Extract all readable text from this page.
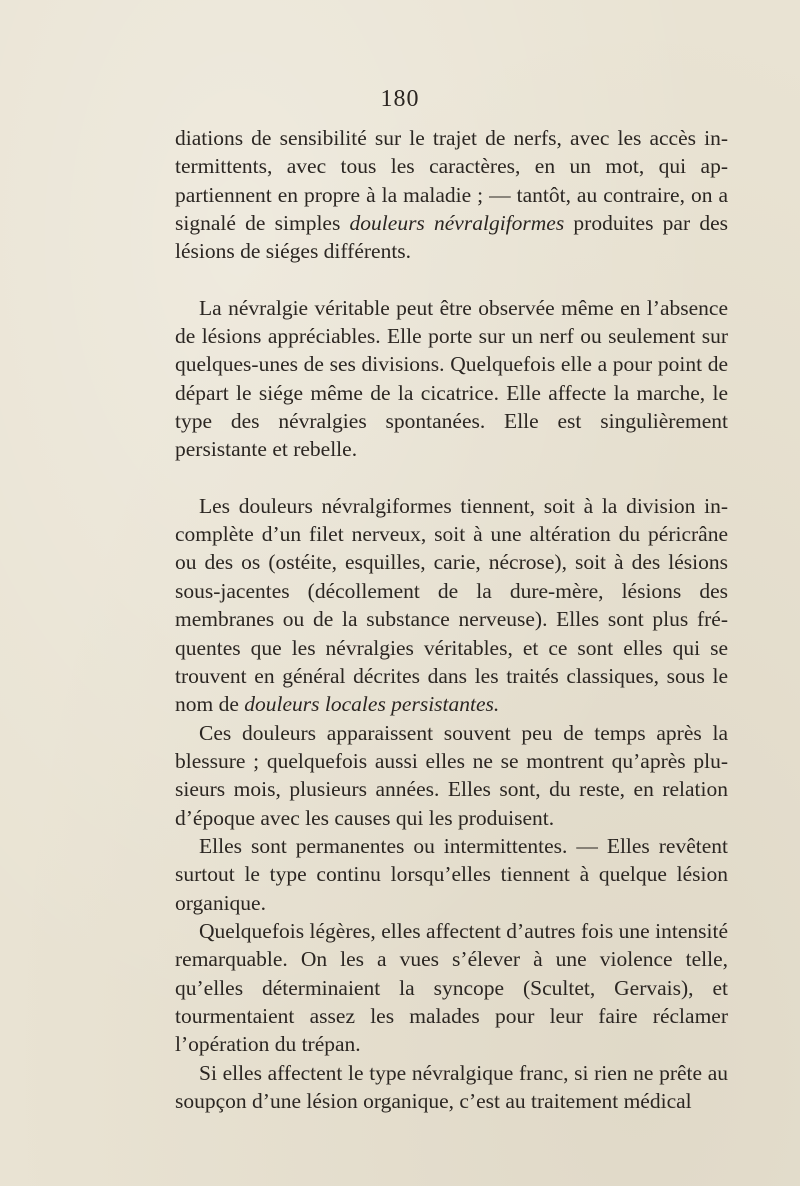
180

diations de sensibilité sur le trajet de nerfs, avec les accès intermittents, avec tous les caractères, en un mot, qui appartiennent en propre à la maladie ; — tantôt, au contraire, on a signalé de simples douleurs névralgiformes produites par des lésions de siéges différents.

La névralgie véritable peut être observée même en l’absence de lésions appréciables. Elle porte sur un nerf ou seulement sur quelques-unes de ses divisions. Quelquefois elle a pour point de départ le siége même de la cicatrice. Elle affecte la marche, le type des névralgies spontanées. Elle est singulièrement persistante et rebelle.

Les douleurs névralgiformes tiennent, soit à la division incomplète d’un filet nerveux, soit à une altération du péricrâne ou des os (ostéite, esquilles, carie, nécrose), soit à des lésions sous-jacentes (décollement de la dure-mère, lésions des membranes ou de la substance nerveuse). Elles sont plus fréquentes que les névralgies véritables, et ce sont elles qui se trouvent en général décrites dans les traités classiques, sous le nom de douleurs locales persistantes.

Ces douleurs apparaissent souvent peu de temps après la blessure ; quelquefois aussi elles ne se montrent qu’après plusieurs mois, plusieurs années. Elles sont, du reste, en relation d’époque avec les causes qui les produisent.

Elles sont permanentes ou intermittentes. — Elles revêtent surtout le type continu lorsqu’elles tiennent à quelque lésion organique.

Quelquefois légères, elles affectent d’autres fois une intensité remarquable. On les a vues s’élever à une violence telle, qu’elles déterminaient la syncope (Scultet, Gervais), et tourmentaient assez les malades pour leur faire réclamer l’opération du trépan.

Si elles affectent le type névralgique franc, si rien ne prête au soupçon d’une lésion organique, c’est au traitement médical
